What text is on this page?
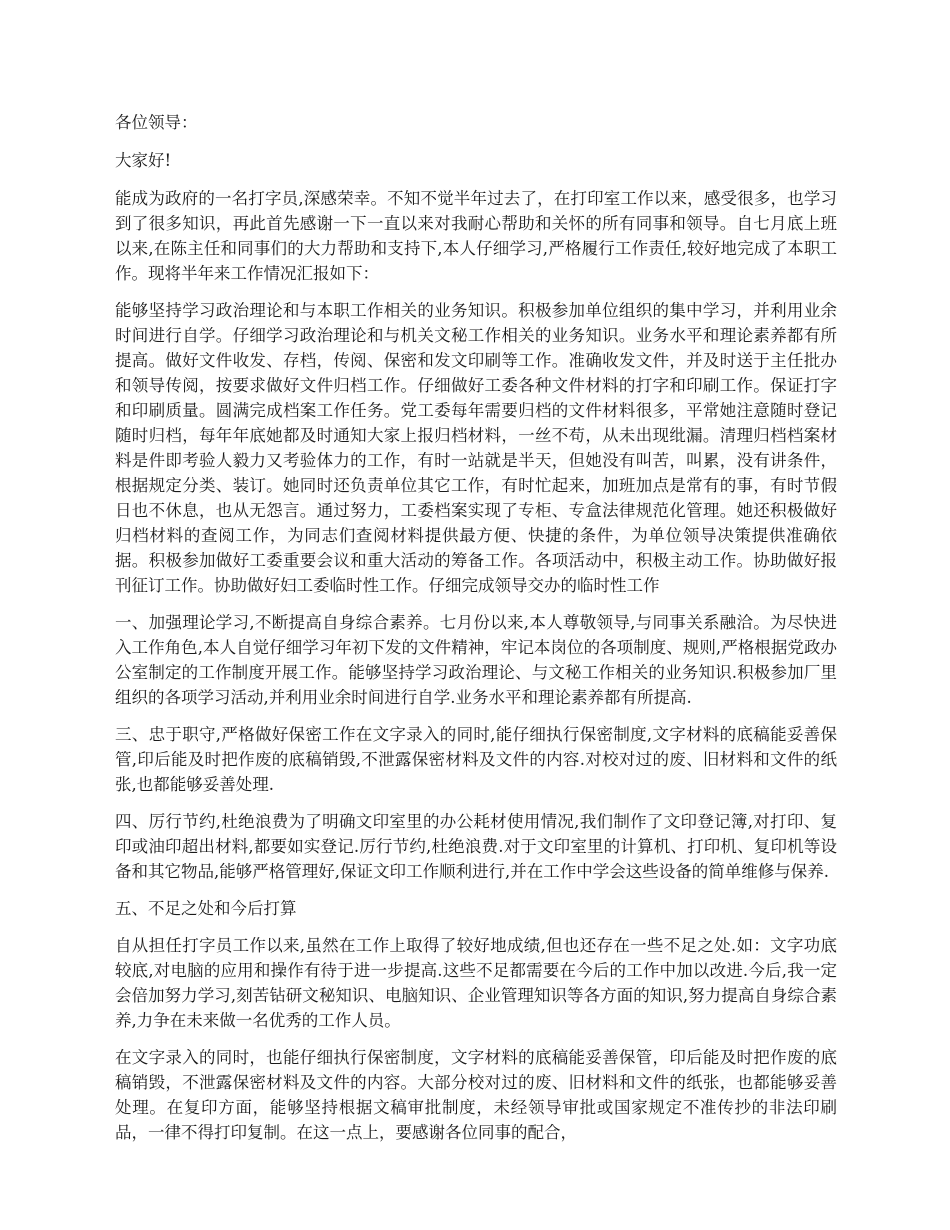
各位领导：

大家好!

能成为政府的一名打字员,深感荣幸。不知不觉半年过去了，在打印室工作以来，感受很多，也学习到了很多知识，再此首先感谢一下一直以来对我耐心帮助和关怀的所有同事和领导。自七月底上班以来,在陈主任和同事们的大力帮助和支持下,本人仔细学习,严格履行工作责任,较好地完成了本职工作。现将半年来工作情况汇报如下：

能够坚持学习政治理论和与本职工作相关的业务知识。积极参加单位组织的集中学习，并利用业余时间进行自学。仔细学习政治理论和与机关文秘工作相关的业务知识。业务水平和理论素养都有所提高。做好文件收发、存档，传阅、保密和发文印刷等工作。准确收发文件，并及时送于主任批办和领导传阅，按要求做好文件归档工作。仔细做好工委各种文件材料的打字和印刷工作。保证打字和印刷质量。圆满完成档案工作任务。党工委每年需要归档的文件材料很多，平常她注意随时登记随时归档，每年年底她都及时通知大家上报归档材料，一丝不苟，从未出现纰漏。清理归档档案材料是件即考验人毅力又考验体力的工作，有时一站就是半天，但她没有叫苦，叫累，没有讲条件，根据规定分类、装订。她同时还负责单位其它工作，有时忙起来，加班加点是常有的事，有时节假日也不休息，也从无怨言。通过努力，工委档案实现了专柜、专盒法律规范化管理。她还积极做好归档材料的查阅工作，为同志们查阅材料提供最方便、快捷的条件，为单位领导决策提供准确依据。积极参加做好工委重要会议和重大活动的筹备工作。各项活动中，积极主动工作。协助做好报刊征订工作。协助做好妇工委临时性工作。仔细完成领导交办的临时性工作

一、加强理论学习,不断提高自身综合素养。七月份以来,本人尊敬领导,与同事关系融洽。为尽快进入工作角色,本人自觉仔细学习年初下发的文件精神，牢记本岗位的各项制度、规则,严格根据党政办公室制定的工作制度开展工作。能够坚持学习政治理论、与文秘工作相关的业务知识.积极参加厂里组织的各项学习活动,并利用业余时间进行自学.业务水平和理论素养都有所提高.

三、忠于职守,严格做好保密工作在文字录入的同时,能仔细执行保密制度,文字材料的底稿能妥善保管,印后能及时把作废的底稿销毁,不泄露保密材料及文件的内容.对校对过的废、旧材料和文件的纸张,也都能够妥善处理.

四、厉行节约,杜绝浪费为了明确文印室里的办公耗材使用情况,我们制作了文印登记簿,对打印、复印或油印超出材料,都要如实登记.厉行节约,杜绝浪费.对于文印室里的计算机、打印机、复印机等设备和其它物品,能够严格管理好,保证文印工作顺利进行,并在工作中学会这些设备的简单维修与保养.

五、不足之处和今后打算

自从担任打字员工作以来,虽然在工作上取得了较好地成绩,但也还存在一些不足之处.如：文字功底较底,对电脑的应用和操作有待于进一步提高.这些不足都需要在今后的工作中加以改进.今后,我一定会倍加努力学习,刻苦钻研文秘知识、电脑知识、企业管理知识等各方面的知识,努力提高自身综合素养,力争在未来做一名优秀的工作人员。

在文字录入的同时，也能仔细执行保密制度，文字材料的底稿能妥善保管，印后能及时把作废的底稿销毁，不泄露保密材料及文件的内容。大部分校对过的废、旧材料和文件的纸张，也都能够妥善处理。在复印方面，能够坚持根据文稿审批制度，未经领导审批或国家规定不准传抄的非法印刷品，一律不得打印复制。在这一点上，要感谢各位同事的配合，
